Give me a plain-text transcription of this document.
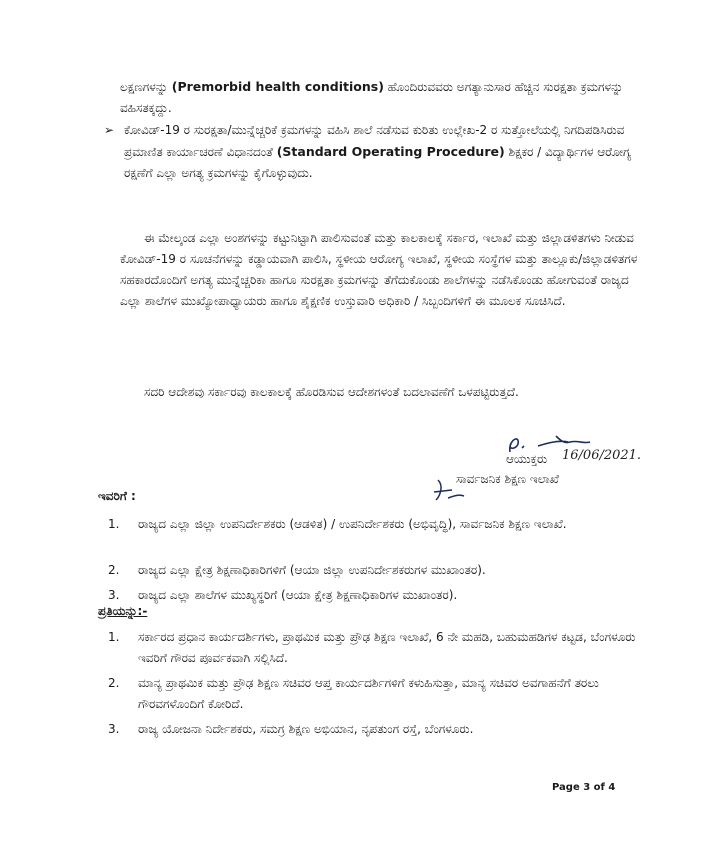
ಲಕ್ಷಣಗಳನ್ನು (Premorbid health conditions) ಹೊಂದಿರುವವರು ಅಗತ್ಯಾನುಸಾರ ಹೆಚ್ಚಿನ ಸುರಕ್ಷತಾ ಕ್ರಮಗಳನ್ನು ವಹಿಸತಕ್ಕದ್ದು.
➢ ಕೋವಿಡ್-19 ರ ಸುರಕ್ಷತಾ/ಮುನ್ನೆಚ್ಚರಿಕೆ ಕ್ರಮಗಳನ್ನು ವಹಿಸಿ ಶಾಲೆ ನಡೆಸುವ ಕುರಿತು ಉಲ್ಲೇಖ-2 ರ ಸುತ್ತೋಲೆಯಲ್ಲಿ ನಿಗದಿಪಡಿಸಿರುವ ಪ್ರಮಾಣಿತ ಕಾರ್ಯಾಚರಣೆ ವಿಧಾನದಂತೆ (Standard Operating Procedure) ಶಿಕ್ಷಕರ / ವಿದ್ಯಾರ್ಥಿಗಳ ಆರೋಗ್ಯ ರಕ್ಷಣೆಗೆ ಎಲ್ಲಾ ಅಗತ್ಯ ಕ್ರಮಗಳನ್ನು ಕೈಗೊಳ್ಳುವುದು.
ಈ ಮೇಲ್ಕಂಡ ಎಲ್ಲಾ ಅಂಶಗಳನ್ನು ಕಟ್ಟುನಿಟ್ಟಾಗಿ ಪಾಲಿಸುವಂತೆ ಮತ್ತು ಕಾಲಕಾಲಕ್ಕೆ ಸರ್ಕಾರ, ಇಲಾಖೆ ಮತ್ತು ಜಿಲ್ಲಾಡಳಿತಗಳು ನೀಡುವ ಕೋವಿಡ್-19 ರ ಸೂಚನೆಗಳನ್ನು ಕಡ್ಡಾಯವಾಗಿ ಪಾಲಿಸಿ, ಸ್ಥಳೀಯ ಆರೋಗ್ಯ ಇಲಾಖೆ, ಸ್ಥಳೀಯ ಸಂಸ್ಥೆಗಳ ಮತ್ತು ತಾಲ್ಲೂಕು/ಜಿಲ್ಲಾಡಳಿತಗಳ ಸಹಕಾರದೊಂದಿಗೆ ಅಗತ್ಯ ಮುನ್ನೆಚ್ಚರಿಕಾ ಹಾಗೂ ಸುರಕ್ಷತಾ ಕ್ರಮಗಳನ್ನು ತೆಗೆದುಕೊಂಡು ಶಾಲೆಗಳನ್ನು ನಡೆಸಿಕೊಂಡು ಹೋಗುವಂತೆ ರಾಜ್ಯದ ಎಲ್ಲಾ ಶಾಲೆಗಳ ಮುಖ್ಯೋಪಾಧ್ಯಾಯರು ಹಾಗೂ ಶೈಕ್ಷಣಿಕ ಉಸ್ತುವಾರಿ ಅಧಿಕಾರಿ / ಸಿಬ್ಬಂದಿಗಳಿಗೆ ಈ ಮೂಲಕ ಸೂಚಿಸಿದೆ.
ಸದರಿ ಆದೇಶವು ಸರ್ಕಾರವು ಕಾಲಕಾಲಕ್ಕೆ ಹೊರಡಿಸುವ ಆದೇಶಗಳಂತೆ ಬದಲಾವಣೆಗೆ ಒಳಪಟ್ಟಿರುತ್ತದೆ.
ಆಯುಕ್ತರು 16/06/2021.
ಸಾರ್ವಜನಿಕ ಶಿಕ್ಷಣ ಇಲಾಖೆ
ಇವರಿಗೆ :
1. ರಾಜ್ಯದ ಎಲ್ಲಾ ಜಿಲ್ಲಾ ಉಪನಿರ್ದೇಶಕರು (ಆಡಳಿತ) / ಉಪನಿರ್ದೇಶಕರು (ಅಭಿವೃದ್ಧಿ), ಸಾರ್ವಜನಿಕ ಶಿಕ್ಷಣ ಇಲಾಖೆ.
2. ರಾಜ್ಯದ ಎಲ್ಲಾ ಕ್ಷೇತ್ರ ಶಿಕ್ಷಣಾಧಿಕಾರಿಗಳಿಗೆ (ಆಯಾ ಜಿಲ್ಲಾ ಉಪನಿರ್ದೇಶಕರುಗಳ ಮುಖಾಂತರ).
3. ರಾಜ್ಯದ ಎಲ್ಲಾ ಶಾಲೆಗಳ ಮುಖ್ಯಸ್ಥರಿಗೆ (ಆಯಾ ಕ್ಷೇತ್ರ ಶಿಕ್ಷಣಾಧಿಕಾರಿಗಳ ಮುಖಾಂತರ).
ಪ್ರತಿಯನ್ನು:-
1. ಸರ್ಕಾರದ ಪ್ರಧಾನ ಕಾರ್ಯದರ್ಶಿಗಳು, ಪ್ರಾಥಮಿಕ ಮತ್ತು ಪ್ರೌಢ ಶಿಕ್ಷಣ ಇಲಾಖೆ, 6 ನೇ ಮಹಡಿ, ಬಹುಮಹಡಿಗಳ ಕಟ್ಟಡ, ಬೆಂಗಳೂರು ಇವರಿಗೆ ಗೌರವ ಪೂರ್ವಕವಾಗಿ ಸಲ್ಲಿಸಿದೆ.
2. ಮಾನ್ಯ ಪ್ರಾಥಮಿಕ ಮತ್ತು ಪ್ರೌಢ ಶಿಕ್ಷಣ ಸಚಿವರ ಆಪ್ತ ಕಾರ್ಯದರ್ಶಿಗಳಿಗೆ ಕಳುಹಿಸುತ್ತಾ, ಮಾನ್ಯ ಸಚಿವರ ಅವಗಾಹನೆಗೆ ತರಲು ಗೌರವಗಳೊಂದಿಗೆ ಕೋರಿದೆ.
3. ರಾಜ್ಯ ಯೋಜನಾ ನಿರ್ದೇಶಕರು, ಸಮಗ್ರ ಶಿಕ್ಷಣ ಅಭಿಯಾನ, ನೃಪತುಂಗ ರಸ್ತೆ, ಬೆಂಗಳೂರು.
Page 3 of 4
